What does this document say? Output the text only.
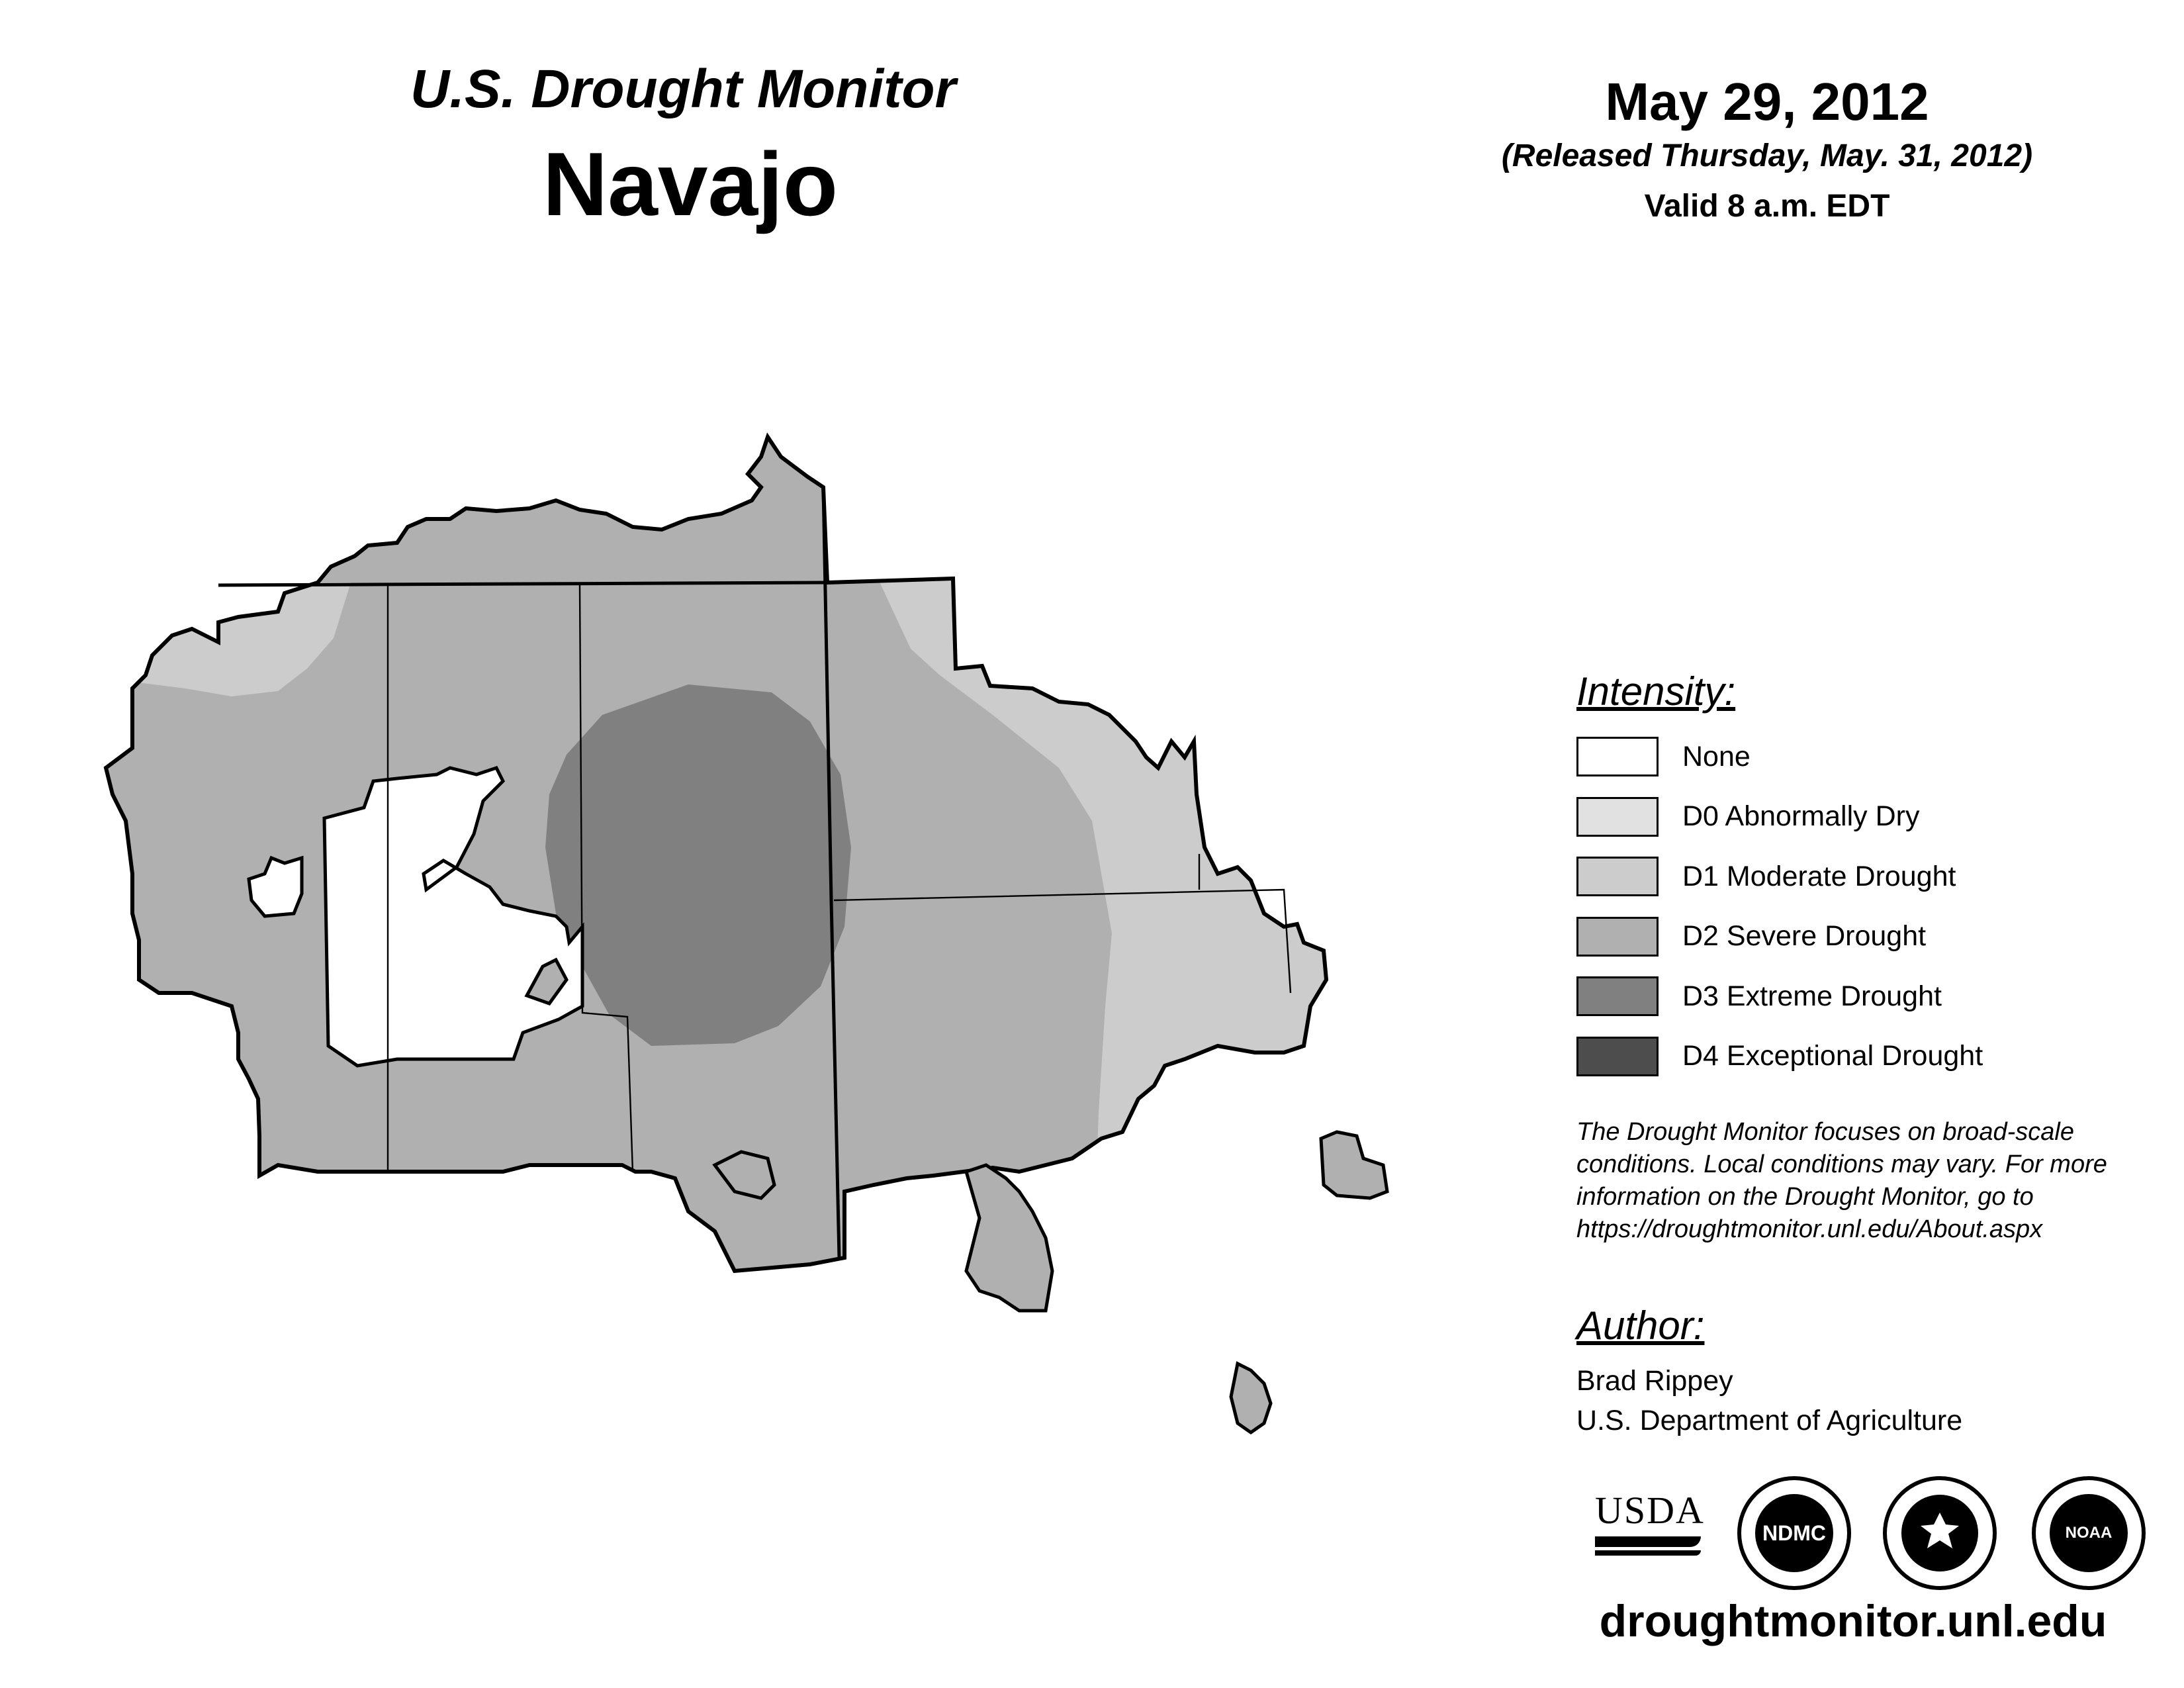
U.S. Drought Monitor
Navajo
May 29, 2012
(Released Thursday, May. 31, 2012)
Valid 8 a.m. EDT
Intensity:
None
D0 Abnormally Dry
D1 Moderate Drought
D2 Severe Drought
D3 Extreme Drought
D4 Exceptional Drought
The Drought Monitor focuses on broad-scale conditions. Local conditions may vary. For more information on the Drought Monitor, go to https://droughtmonitor.unl.edu/About.aspx
Author:
Brad Rippey
U.S. Department of Agriculture
USDA
NDMC	NOAA
droughtmonitor.unl.edu
